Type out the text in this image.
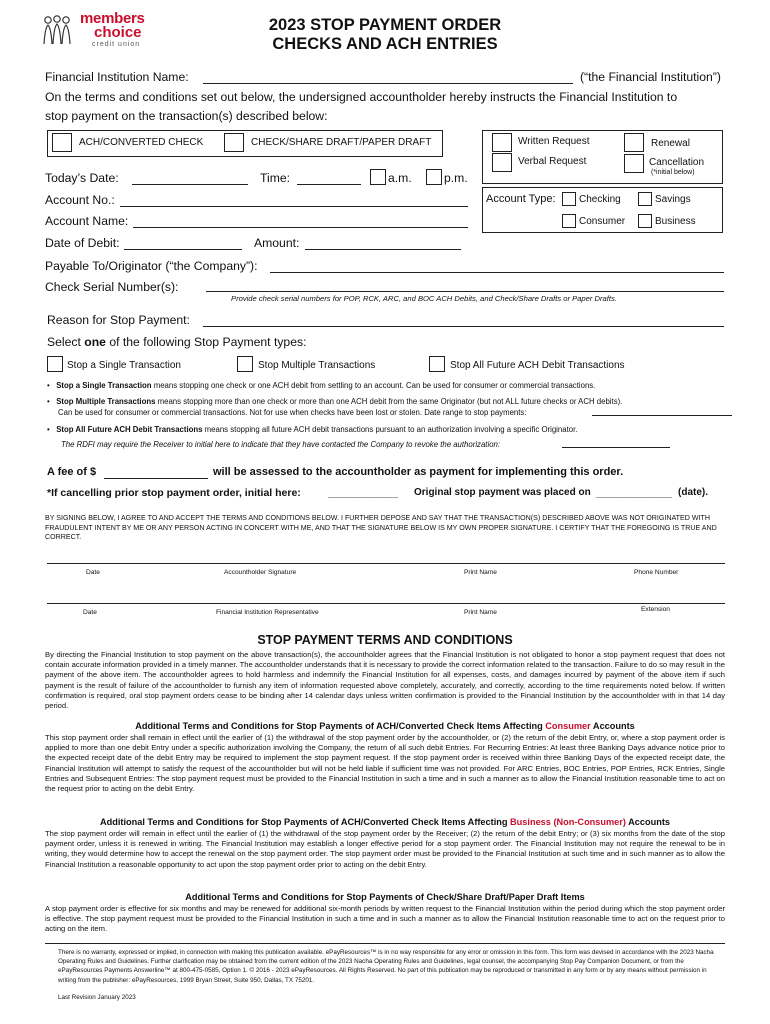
members
choice
credit union
2023 STOP PAYMENT ORDER
CHECKS AND ACH ENTRIES
Financial Institution Name:	(“the Financial Institution”)
On the terms and conditions set out below, the undersigned accountholder hereby instructs the Financial Institution to
stop payment on the transaction(s) described below:
ACH/CONVERTED CHECK	CHECK/SHARE DRAFT/PAPER DRAFT	Written Request
Verbal Request
Renewal
Cancellation
(*initial below)
Today’s Date:	Time:	a.m.	p.m.
Account Type: Checking	Savings
Consumer	Business
Account No.:
Account Name:
Date of Debit:	Amount:
Payable To/Originator (“the Company”):
Check Serial Number(s):
Provide check serial numbers for POP, RCK, ARC, and BOC ACH Debits, and Check/Share Drafts or Paper Drafts.
Reason for Stop Payment:
Select one of the following Stop Payment types:
Stop a Single Transaction	Stop Multiple Transactions	Stop All Future ACH Debit Transactions
•   Stop a Single Transaction means stopping one check or one ACH debit from settling to an account. Can be used for consumer or commercial transactions.
•   Stop Multiple Transactions means stopping more than one check or more than one ACH debit from the same Originator (but not ALL future checks or ACH debits).
Can be used for consumer or commercial transactions. Not for use when checks have been lost or stolen. Date range to stop payments:
•   Stop All Future ACH Debit Transactions means stopping all future ACH debit transactions pursuant to an authorization involving a specific Originator.
The RDFI may require the Receiver to initial here to indicate that they have contacted the Company to revoke the authorization:
A fee of $	will be assessed to the accountholder as payment for implementing this order.
*If cancelling prior stop payment order, initial here:	____________ Original stop payment was placed on _____________ (date).
BY SIGNING BELOW, I AGREE TO AND ACCEPT THE TERMS AND CONDITIONS BELOW. I FURTHER DEPOSE AND SAY THAT THE TRANSACTION(S) DESCRIBED ABOVE WAS NOT ORIGINATED WITH FRAUDULENT INTENT BY ME OR ANY PERSON ACTING IN CONCERT WITH ME, AND THAT THE SIGNATURE BELOW IS MY OWN PROPER SIGNATURE. I CERTIFY THAT THE FOREGOING IS TRUE AND CORRECT.
Date	Accountholder Signature	Print Name	Phone Number
Date	Financial Institution Representative	Print Name	Extension
STOP PAYMENT TERMS AND CONDITIONS
By directing the Financial Institution to stop payment on the above transaction(s), the accountholder agrees that the Financial Institution is not obligated to honor a stop payment request that does not contain accurate information provided in a timely manner. The accountholder understands that it is necessary to provide the correct information related to the transaction. Failure to do so may result in the payment of the above item. The accountholder agrees to hold harmless and indemnify the Financial Institution for all expenses, costs, and damages incurred by payment of the above item if such payment is the result of failure of the accountholder to furnish any item of information requested above completely, accurately, and correctly, according to the time requirements noted below. If written confirmation is required, oral stop payment orders cease to be binding after 14 calendar days unless written confirmation is provided to the Financial Institution by the accountholder with in that 14 day period.
Additional Terms and Conditions for Stop Payments of ACH/Converted Check Items Affecting Consumer Accounts
This stop payment order shall remain in effect until the earlier of (1) the withdrawal of the stop payment order by the accountholder, or (2) the return of the debit Entry, or, where a stop payment order is applied to more than one debit Entry under a specific authorization involving the Company, the return of all such debit Entries. For Recurring Entries: At least three Banking Days advance notice prior to the expected receipt date of the debit Entry may be required to implement the stop payment request. If the stop payment order is received within three Banking Days of the expected receipt date, the Financial Institution will attempt to satisfy the request of the accountholder but will not be held liable if sufficient time was not provided. For ARC Entries, BOC Entries, POP Entries, RCK Entries, Single Entries and Subsequent Entries: The stop payment request must be provided to the Financial Institution in such a time and in such a manner as to allow the Financial Institution reasonable time to act on the request prior to acting on the debit Entry.
Additional Terms and Conditions for Stop Payments of ACH/Converted Check Items Affecting Business (Non-Consumer) Accounts
The stop payment order will remain in effect until the earlier of (1) the withdrawal of the stop payment order by the Receiver; (2) the return of the debit Entry; or (3) six months from the date of the stop payment order, unless it is renewed in writing. The Financial Institution may establish a longer effective period for a stop payment order. The Financial Institution may not require the renewal to be in writing, they would determine how to accept the renewal on the stop payment order. The stop payment order must be provided to the Financial Institution at such time and in such manner as to allow the Financial Institution a reasonable opportunity to act upon the stop payment order prior to acting on the debit Entry.
Additional Terms and Conditions for Stop Payments of Check/Share Draft/Paper Draft Items
A stop payment order is effective for six months and may be renewed for additional six-month periods by written request to the Financial Institution within the period during which the stop payment order is effective. The stop payment request must be provided to the Financial Institution in such a time and in such a manner as to allow the Financial Institution reasonable time to act on the request prior to acting on the item.
There is no warranty, expressed or implied, in connection with making this publication available. ePayResources™ is in no way responsible for any error or omission in this form. This form was devised in accordance with the 2023 Nacha Operating Rules and Guidelines. Further clarification may be obtained from the current edition of the 2023 Nacha Operating Rules and Guidelines, legal counsel, the accompanying Stop Pay Companion Document, or from the ePayResources Payments Answerline™ at 800-475-0585, Option 1. © 2016 - 2023 ePayResources. All Rights Reserved. No part of this publication may be reproduced or transmitted in any form or by any means without permission in writing from the publisher: ePayResources, 1999 Bryan Street, Suite 950, Dallas, TX 75201.
Last Revision January 2023
